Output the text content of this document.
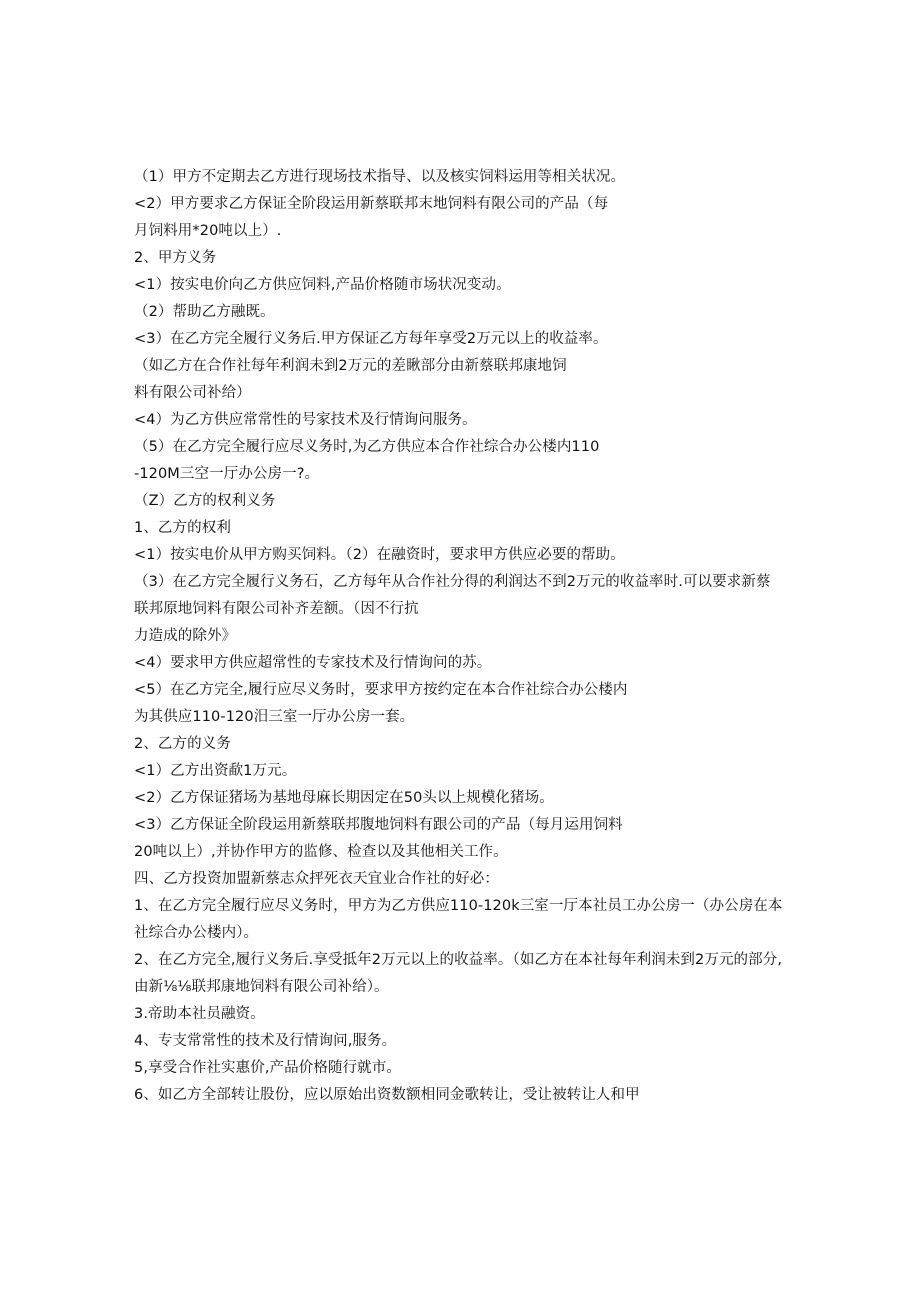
（1）甲方不定期去乙方进行现场技术指导、以及核实饲料运用等相关状况。
<2）甲方要求乙方保证全阶段运用新蔡联邦末地饲料有限公司的产品（每
月饲料用*20吨以上）.
2、甲方义务
<1）按实电价向乙方供应饲料,产品价格随市场状况变动。
（2）帮助乙方融既。
<3）在乙方完全履行义务后.甲方保证乙方每年享受2万元以上的收益率。
（如乙方在合作社每年利润未到2万元的差瞅部分由新蔡联邦康地饲
料有限公司补给）
<4）为乙方供应常常性的号家技术及行情询问服务。
（5）在乙方完全履行应尽义务时,为乙方供应本合作社综合办公楼内110
-120M三空一厅办公房一?。
（Z）乙方的权利义务
1、乙方的权利
<1）按实电价从甲方购买饲料。（2）在融资时，要求甲方供应必要的帮助。
（3）在乙方完全履行义务石，乙方每年从合作社分得的利润达不到2万元的收益率时.可以要求新蔡
联邦原地饲料有限公司补齐差额。（因不行抗
力造成的除外》
<4）要求甲方供应超常性的专家技术及行情询问的苏。
<5）在乙方完全,履行应尽义务时，要求甲方按约定在本合作社综合办公楼内
为其供应110-120汨三室一厅办公房一套。
2、乙方的义务
<1）乙方出资歃1万元。
<2）乙方保证猪场为基地母麻长期因定在50头以上规模化猪场。
<3）乙方保证全阶段运用新蔡联邦腹地饲料有跟公司的产品（每月运用饲料
20吨以上）,并协作甲方的监修、检查以及其他相关工作。
四、乙方投资加盟新蔡志众抨死衣天宜业合作社的好必：
1、在乙方完全履行应尽义务时，甲方为乙方供应110-120k三室一厅本社员工办公房一（办公房在本
社综合办公楼内）。
2、在乙方完全,履行义务后.享受抵年2万元以上的收益率。（如乙方在本社每年利润未到2万元的部分,
由新⅛⅛联邦康地饲料有限公司补给）。
3.帝助本社员融资。
4、专支常常性的技术及行情询问,服务。
5,享受合作社实惠价,产品价格随行就市。
6、如乙方全部转让股份，应以原始出资数额相同金歌转让，受让被转让人和甲
